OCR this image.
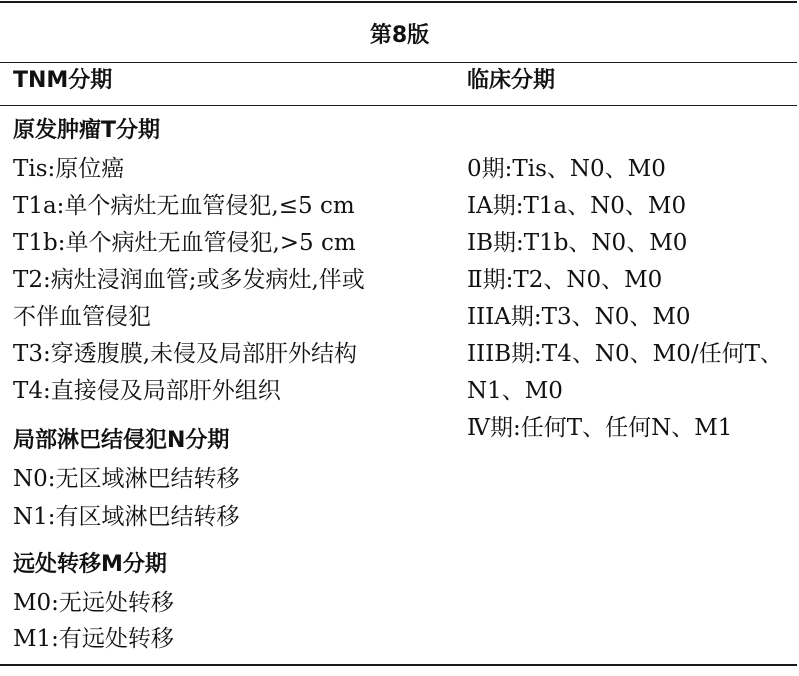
第8版
TNM分期	临床分期
原发肿瘤T分期
Tis:原位癌
T1a:单个病灶无血管侵犯,≤5 cm
T1b:单个病灶无血管侵犯,>5 cm
T2:病灶浸润血管;或多发病灶,伴或
不伴血管侵犯
T3:穿透腹膜,未侵及局部肝外结构
T4:直接侵及局部肝外组织
局部淋巴结侵犯N分期
N0:无区域淋巴结转移
N1:有区域淋巴结转移
远处转移M分期
M0:无远处转移
M1:有远处转移
0期:Tis、N0、M0
IA期:T1a、N0、M0
IB期:T1b、N0、M0
Ⅱ期:T2、N0、M0
IIIA期:T3、N0、M0
IIIB期:T4、N0、M0/任何T、
N1、M0
Ⅳ期:任何T、任何N、M1
